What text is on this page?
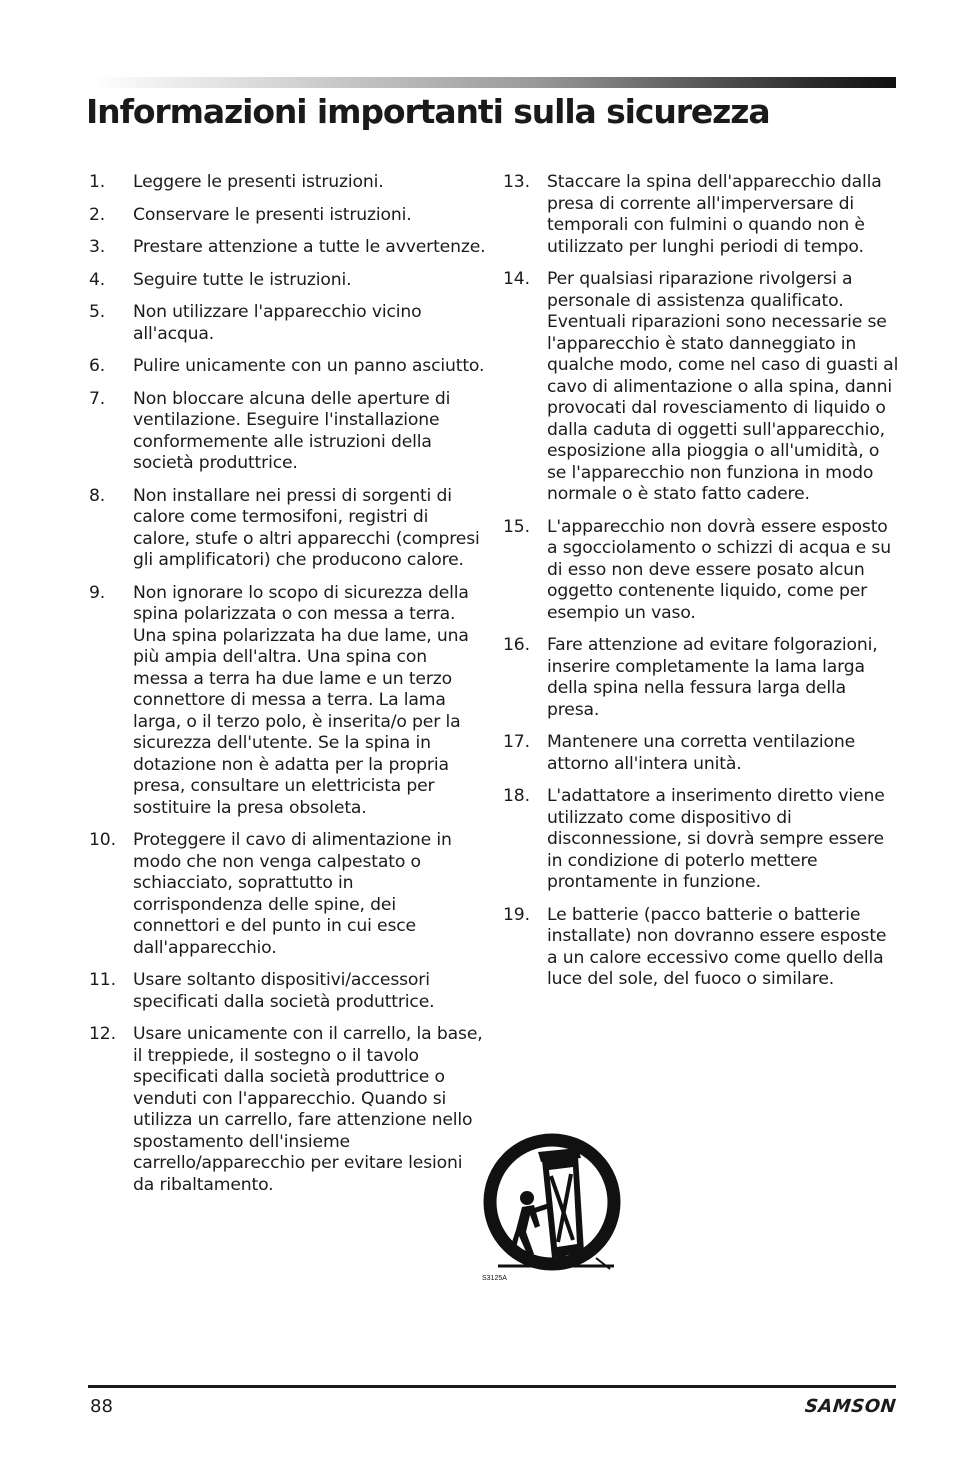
Informazioni importanti sulla sicurezza
1.	Leggere le presenti istruzioni.
2.	Conservare le presenti istruzioni.
3.	Prestare attenzione a tutte le avvertenze.
4.	Seguire tutte le istruzioni.
5.	Non utilizzare l'apparecchio vicino all'acqua.
6.	Pulire unicamente con un panno asciutto.
7.	Non bloccare alcuna delle aperture di ventilazione. Eseguire l'installazione conformemente alle istruzioni della società produttrice.
8.	Non installare nei pressi di sorgenti di calore come termosifoni, registri di calore, stufe o altri apparecchi (compresi gli amplificatori) che producono calore.
9.	Non ignorare lo scopo di sicurezza della spina polarizzata o con messa a terra. Una spina polarizzata ha due lame, una più ampia dell'altra. Una spina con messa a terra ha due lame e un terzo connettore di messa a terra. La lama larga, o il terzo polo, è inserita/o per la sicurezza dell'utente. Se la spina in dotazione non è adatta per la propria presa, consultare un elettricista per sostituire la presa obsoleta.
10. Proteggere il cavo di alimentazione in modo che non venga calpestato o schiacciato, soprattutto in corrispondenza delle spine, dei connettori e del punto in cui esce dall'apparecchio.
11. Usare soltanto dispositivi/accessori specificati dalla società produttrice.
12. Usare unicamente con il carrello, la base, il treppiede, il sostegno o il tavolo specificati dalla società produttrice o venduti con l'apparecchio. Quando si utilizza un carrello, fare attenzione nello spostamento dell'insieme carrello/apparecchio per evitare lesioni da ribaltamento.
13. Staccare la spina dell'apparecchio dalla presa di corrente all'imperversare di temporali con fulmini o quando non è utilizzato per lunghi periodi di tempo.
14. Per qualsiasi riparazione rivolgersi a personale di assistenza qualificato. Eventuali riparazioni sono necessarie se l'apparecchio è stato danneggiato in qualche modo, come nel caso di guasti al cavo di alimentazione o alla spina, danni provocati dal rovesciamento di liquido o dalla caduta di oggetti sull'apparecchio, esposizione alla pioggia o all'umidità, o se l'apparecchio non funziona in modo normale o è stato fatto cadere.
15. L'apparecchio non dovrà essere esposto a sgocciolamento o schizzi di acqua e su di esso non deve essere posato alcun oggetto contenente liquido, come per esempio un vaso.
16. Fare attenzione ad evitare folgorazioni, inserire completamente la lama larga della spina nella fessura larga della presa.
17. Mantenere una corretta ventilazione attorno all'intera unità.
18. L'adattatore a inserimento diretto viene utilizzato come dispositivo di disconnessione, si dovrà sempre essere in condizione di poterlo mettere prontamente in funzione.
19. Le batterie (pacco batterie o batterie installate) non dovranno essere esposte a un calore eccessivo come quello della luce del sole, del fuoco o similare.
S3125A
88	SAMSON
